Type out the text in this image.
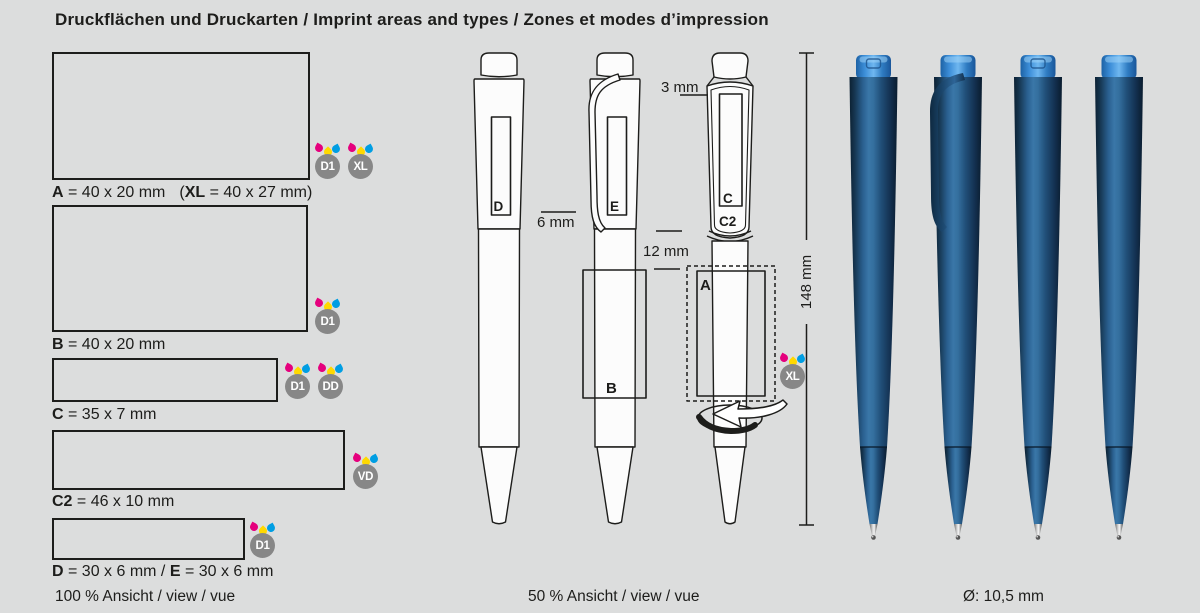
Druckflächen und Druckarten / Imprint areas and types / Zones et modes d’impression
A = 40 x 20 mm (XL = 40 x 27 mm)
D1	XL
B = 40 x 20 mm
D1
C = 35 x 7 mm
D1	DD
C2 = 46 x 10 mm
VD
D = 30 x 6 mm / E = 30 x 6 mm
D1
XL
D	E
B
C
C2
A
6 mm
3 mm
12 mm
148 mm
100 % Ansicht / view / vue	50 % Ansicht / view / vue	Ø: 10,5 mm
